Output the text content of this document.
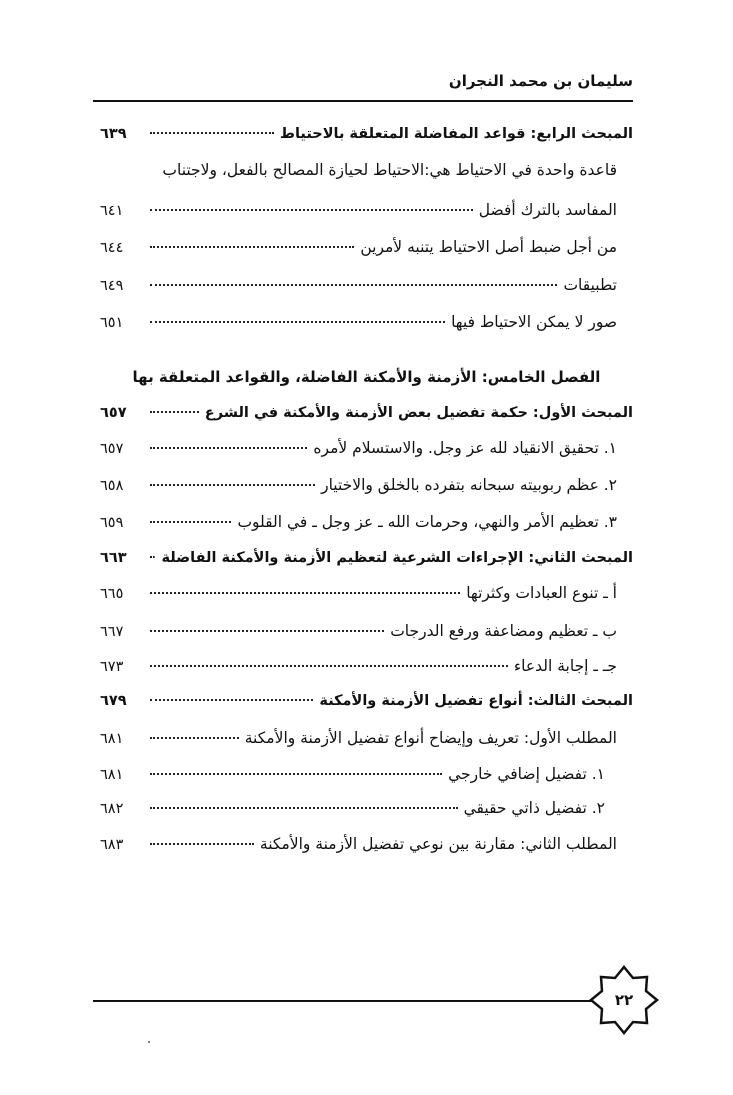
سليمان بن محمد النجران
المبحث الرابع: قواعد المفاضلة المتعلقة بالاحتياط
٦٣٩
قاعدة واحدة في الاحتياط هي:الاحتياط لحيازة المصالح بالفعل، ولاجتناب
المفاسد بالترك أفضل
٦٤١
من أجل ضبط أصل الاحتياط يتنبه لأمرين
٦٤٤
تطبيقات
٦٤٩
صور لا يمكن الاحتياط فيها
٦٥١
الفصل الخامس: الأزمنة والأمكنة الفاضلة، والقواعد المتعلقة بها
المبحث الأول: حكمة تفضيل بعض الأزمنة والأمكنة في الشرع
٦٥٧
١. تحقيق الانقياد لله عز وجل. والاستسلام لأمره
٦٥٧
٢. عظم ربوبيته سبحانه بتفرده بالخلق والاختيار
٦٥٨
٣. تعظيم الأمر والنهي، وحرمات الله ـ عز وجل ـ في القلوب
٦٥٩
المبحث الثاني: الإجراءات الشرعية لتعظيم الأزمنة والأمكنة الفاضلة
٦٦٣
أ ـ تنوع العبادات وكثرتها
٦٦٥
ب ـ تعظيم ومضاعفة ورفع الدرجات
٦٦٧
جـ ـ إجابة الدعاء
٦٧٣
المبحث الثالث: أنواع تفضيل الأزمنة والأمكنة
٦٧٩
المطلب الأول: تعريف وإيضاح أنواع تفضيل الأزمنة والأمكنة
٦٨١
١. تفضيل إضافي خارجي
٦٨١
٢. تفضيل ذاتي حقيقي
٦٨٢
المطلب الثاني: مقارنة بين نوعي تفضيل الأزمنة والأمكنة
٦٨٣
٢٢
